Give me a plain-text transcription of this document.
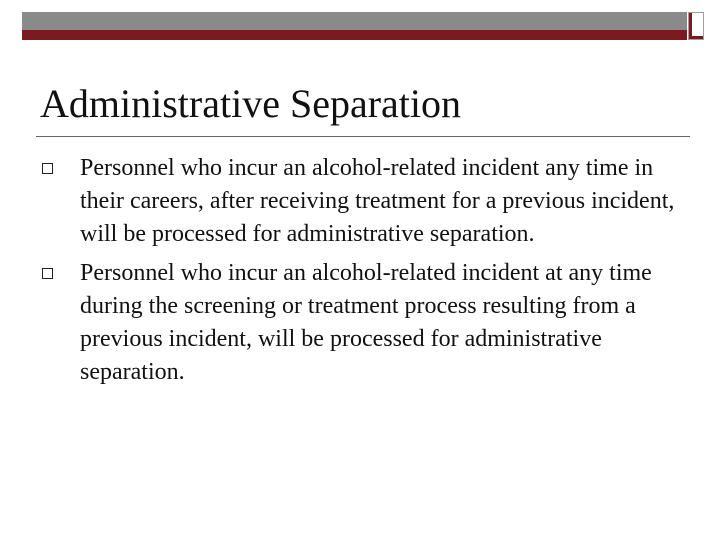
Administrative Separation
Personnel who incur an alcohol-related incident any time in their careers, after receiving treatment for a previous incident, will be processed for administrative separation.
Personnel who incur an alcohol-related incident at any time during the screening or treatment process resulting from a previous incident, will be processed for administrative separation.
